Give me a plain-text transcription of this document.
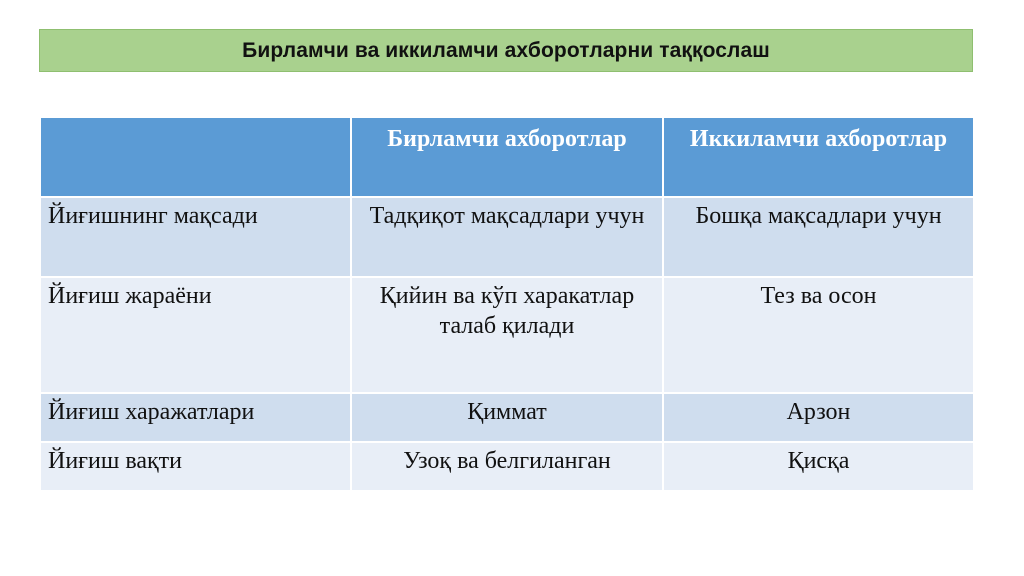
Бирламчи ва иккиламчи ахборотларни таққослаш
	Бирламчи ахборотлар	Иккиламчи ахборотлар
Йиғишнинг мақсади	Тадқиқот мақсадлари учун	Бошқа мақсадлари учун
Йиғиш жараёни	Қийин ва кўп харакатлар талаб қилади	Тез ва осон
Йиғиш харажатлари	Қиммат	Арзон
Йиғиш вақти	Узоқ ва белгиланган	Қисқа
